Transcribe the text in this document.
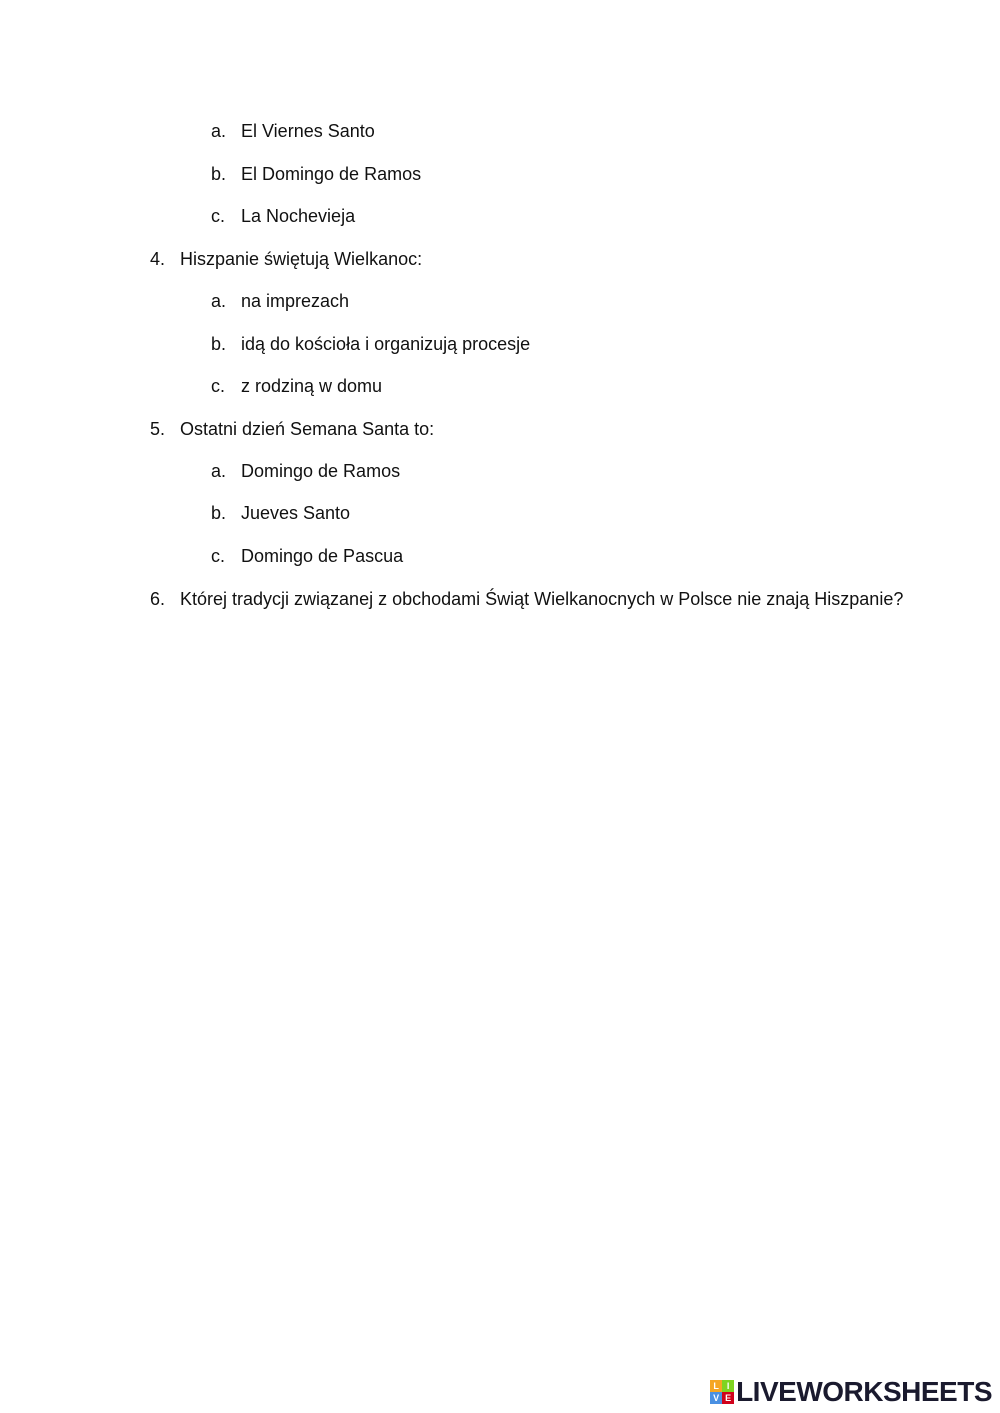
a. El Viernes Santo
b. El Domingo de Ramos
c. La Nochevieja
4. Hiszpanie świętują Wielkanoc:
a. na imprezach
b. idą do kościoła i organizują procesje
c. z rodziną w domu
5. Ostatni dzień Semana Santa to:
a. Domingo de Ramos
b. Jueves Santo
c. Domingo de Pascua
6. Której tradycji związanej z obchodami Świąt Wielkanocnych w Polsce nie znają Hiszpanie?
L I
V E LIVEWORKSHEETS
